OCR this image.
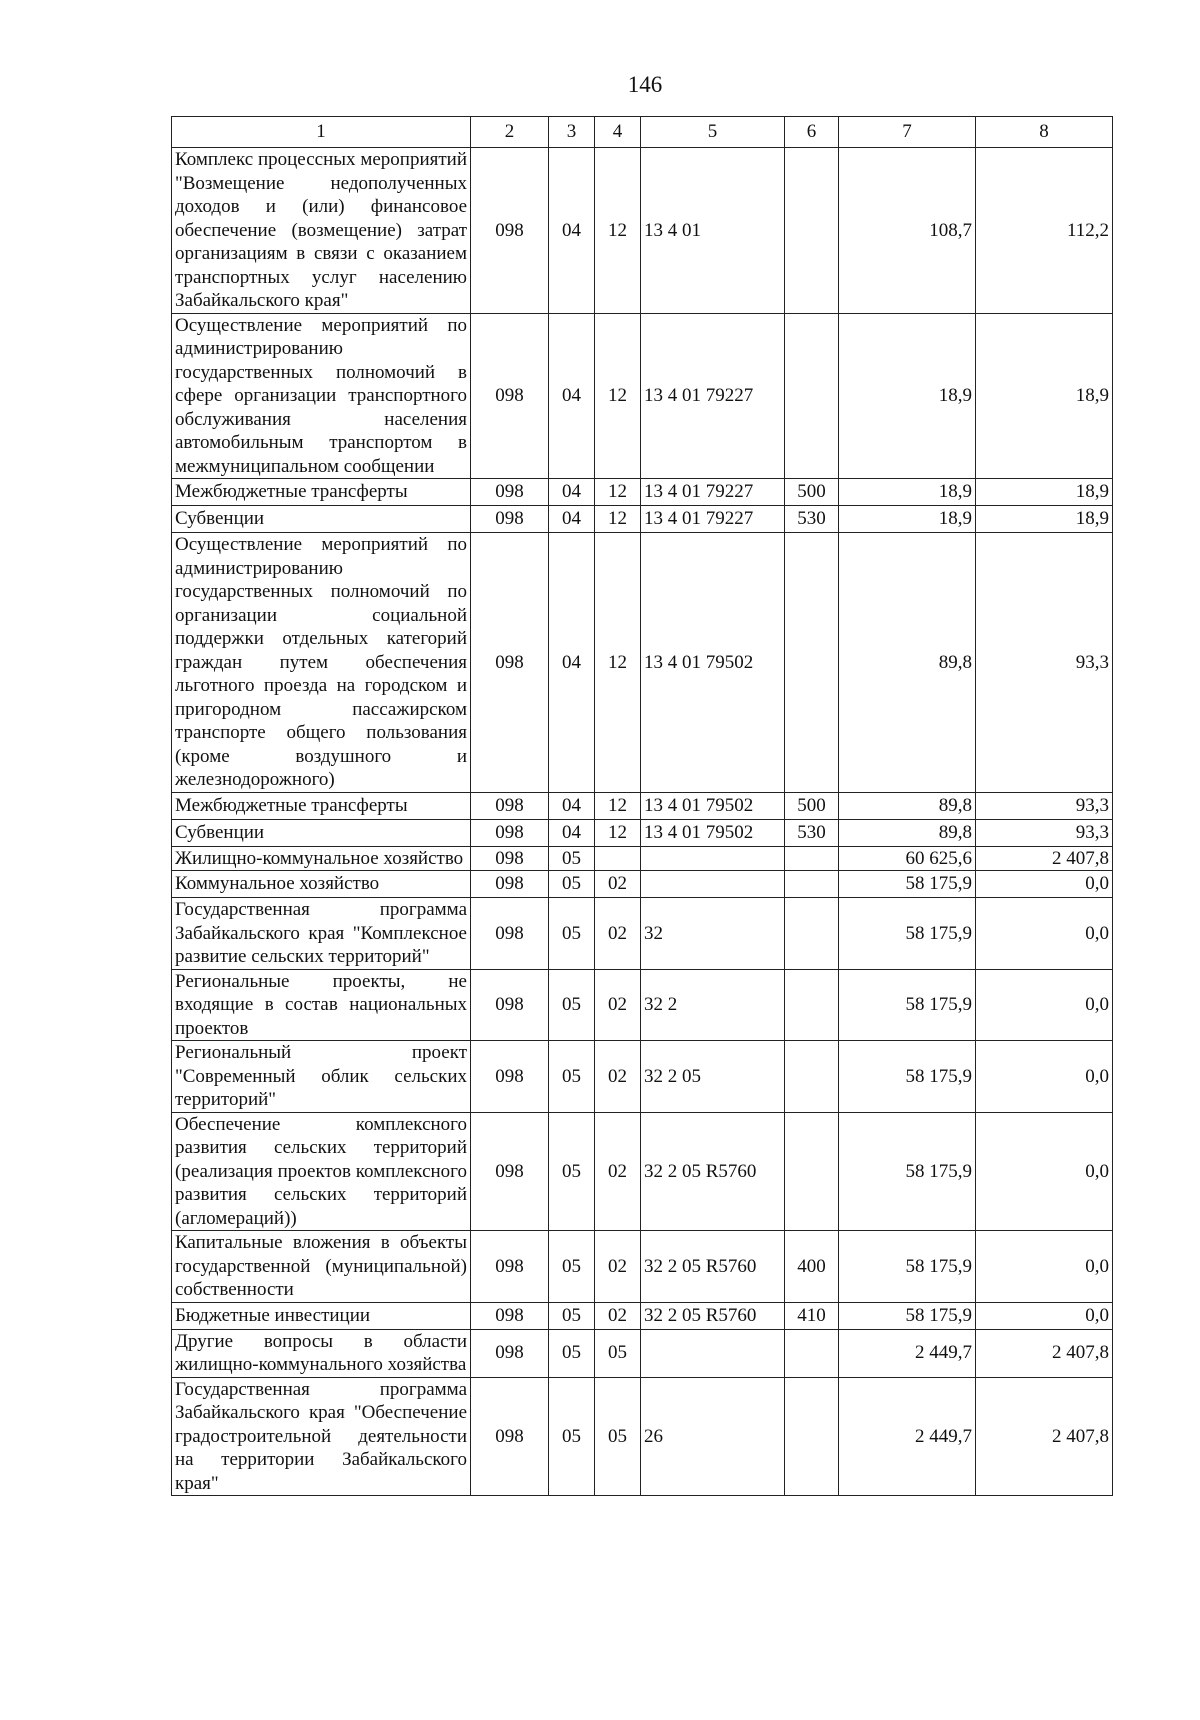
146
1	2	3	4	5	6	7	8
Комплекс процессных мероприятий "Возмещение недополученных доходов и (или) финансовое обеспечение (возмещение) затрат организациям в связи с оказанием транспортных услуг населению Забайкальского края"	098	04	12	13 4 01		108,7	112,2
Осуществление мероприятий по администрированию государственных полномочий в сфере организации транспортного обслуживания населения автомобильным транспортом в межмуниципальном сообщении	098	04	12	13 4 01 79227		18,9	18,9
Межбюджетные трансферты	098	04	12	13 4 01 79227	500	18,9	18,9
Субвенции	098	04	12	13 4 01 79227	530	18,9	18,9
Осуществление мероприятий по администрированию государственных полномочий по организации социальной поддержки отдельных категорий граждан путем обеспечения льготного проезда на городском и пригородном пассажирском транспорте общего пользования (кроме воздушного и железнодорожного)	098	04	12	13 4 01 79502		89,8	93,3
Межбюджетные трансферты	098	04	12	13 4 01 79502	500	89,8	93,3
Субвенции	098	04	12	13 4 01 79502	530	89,8	93,3
Жилищно-коммунальное хозяйство	098	05				60 625,6	2 407,8
Коммунальное хозяйство	098	05	02			58 175,9	0,0
Государственная программа Забайкальского края "Комплексное развитие сельских территорий"	098	05	02	32		58 175,9	0,0
Региональные проекты, не входящие в состав национальных проектов	098	05	02	32 2		58 175,9	0,0
Региональный проект "Современный облик сельских территорий"	098	05	02	32 2 05		58 175,9	0,0
Обеспечение комплексного развития сельских территорий (реализация проектов комплексного развития сельских территорий (агломераций))	098	05	02	32 2 05 R5760		58 175,9	0,0
Капитальные вложения в объекты государственной (муниципальной) собственности	098	05	02	32 2 05 R5760	400	58 175,9	0,0
Бюджетные инвестиции	098	05	02	32 2 05 R5760	410	58 175,9	0,0
Другие вопросы в области жилищно-коммунального хозяйства	098	05	05			2 449,7	2 407,8
Государственная программа Забайкальского края "Обеспечение градостроительной деятельности на территории Забайкальского края"	098	05	05	26		2 449,7	2 407,8
